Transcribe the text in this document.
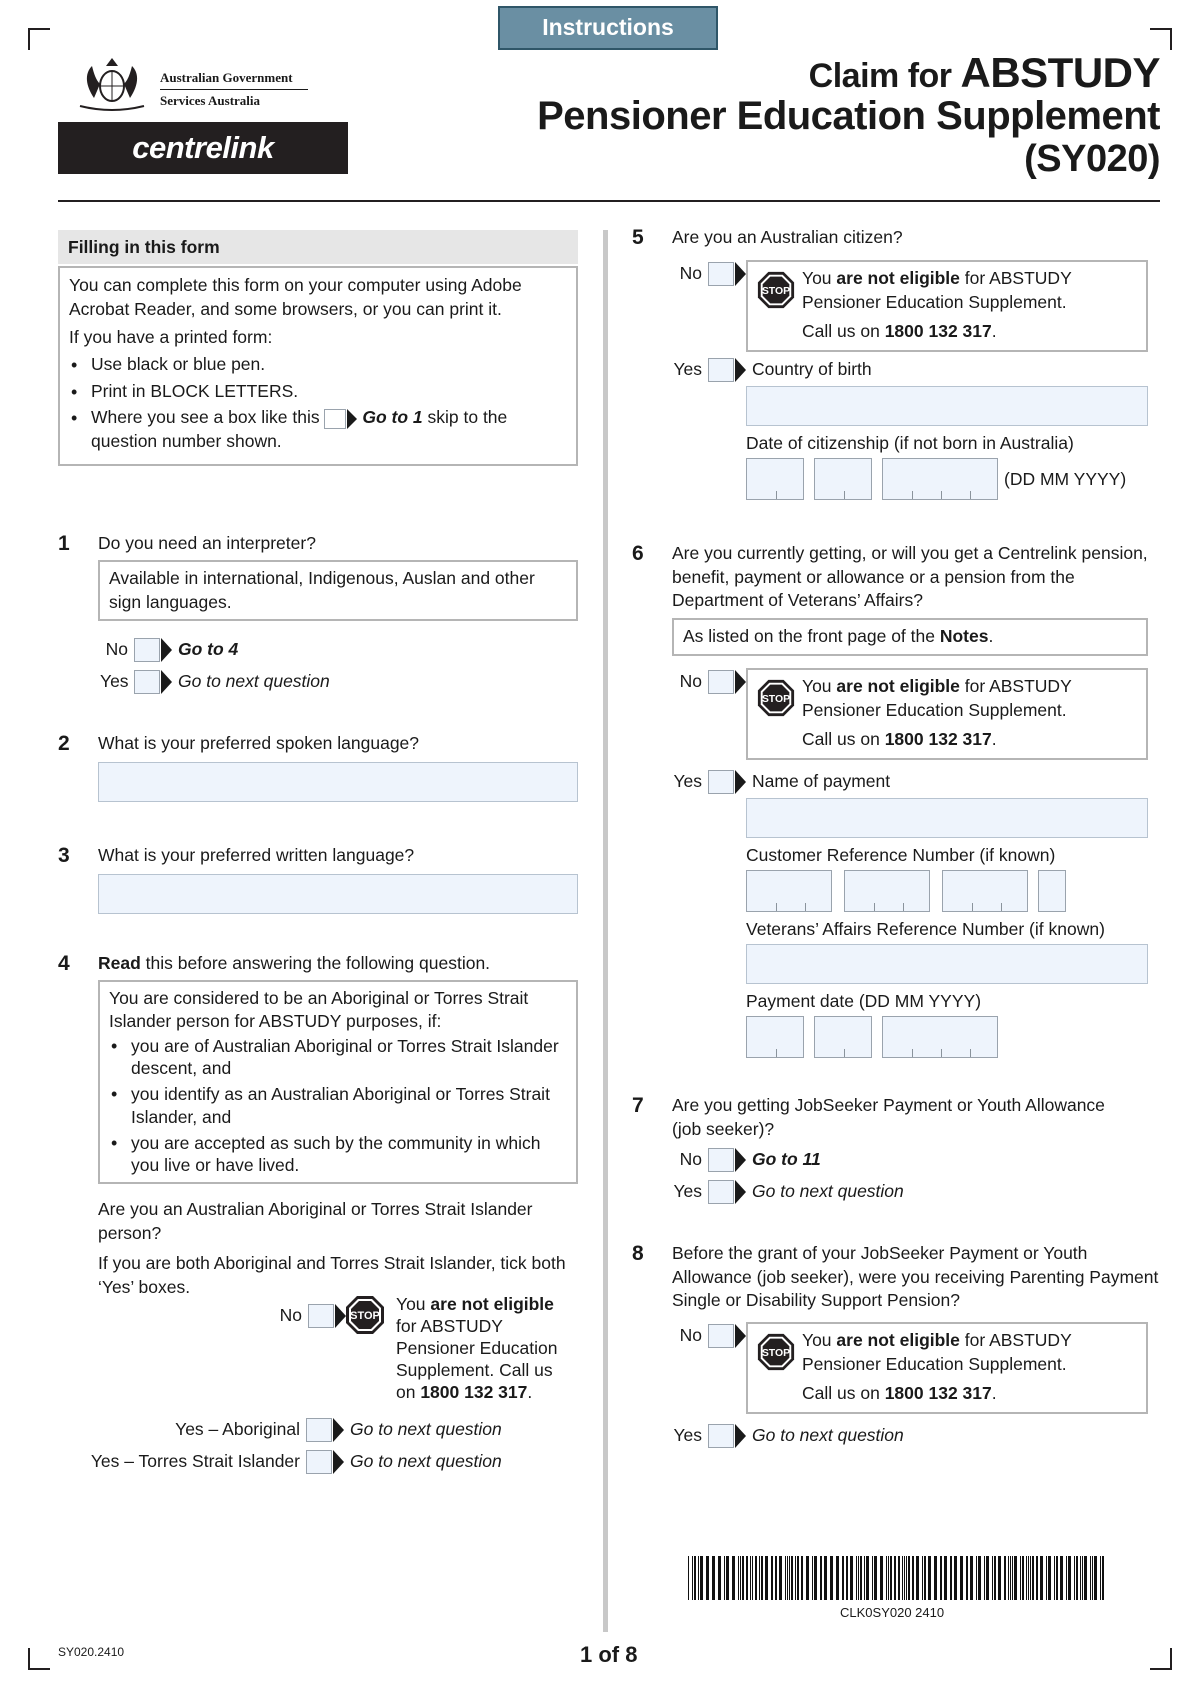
Instructions
Australian Government
Services Australia
centrelink
Claim for ABSTUDY
Pensioner Education Supplement
(SY020)
Filling in this form

You can complete this form on your computer using Adobe Acrobat Reader, and some browsers, or you can print it.

If you have a printed form:

• Use black or blue pen.
• Print in BLOCK LETTERS.
• Where you see a box like this Go to 1 skip to the question number shown.
1 Do you need an interpreter?
Available in international, Indigenous, Auslan and other sign languages.
No	Go to 4
Yes	Go to next question
2 What is your preferred spoken language?
3 What is your preferred written language?
4 Read this before answering the following question.

You are considered to be an Aboriginal or Torres Strait Islander person for ABSTUDY purposes, if:

• you are of Australian Aboriginal or Torres Strait Islander descent, and
• you identify as an Australian Aboriginal or Torres Strait Islander, and
• you are accepted as such by the community in which you live or have lived.
Are you an Australian Aboriginal or Torres Strait Islander person?
If you are both Aboriginal and Torres Strait Islander, tick both ‘Yes’ boxes.
No	STOP
You are not eligible for ABSTUDY Pensioner Education Supplement. Call us on 1800 132 317.
Yes – Aboriginal	Go to next question
Yes – Torres Strait Islander	Go to next question
5 Are you an Australian citizen?
No
STOP

You are not eligible for ABSTUDY Pensioner Education Supplement.

Call us on 1800 132 317.

Yes	Country of birth
Date of citizenship (if not born in Australia)
(DD MM YYYY)
6 Are you currently getting, or will you get a Centrelink pension, benefit, payment or allowance or a pension from the Department of Veterans’ Affairs?
As listed on the front page of the Notes.
No
STOP

You are not eligible for ABSTUDY Pensioner Education Supplement.

Call us on 1800 132 317.

Yes	Name of payment
Customer Reference Number (if known)
Veterans’ Affairs Reference Number (if known)
Payment date (DD MM YYYY)
7 Are you getting JobSeeker Payment or Youth Allowance (job seeker)?
No	Go to 11
Yes	Go to next question
8 Before the grant of your JobSeeker Payment or Youth Allowance (job seeker), were you receiving Parenting Payment Single or Disability Support Pension?
No
STOP

You are not eligible for ABSTUDY Pensioner Education Supplement.

Call us on 1800 132 317.

Yes	Go to next question
CLK0SY020 2410
SY020.2410	1 of 8
